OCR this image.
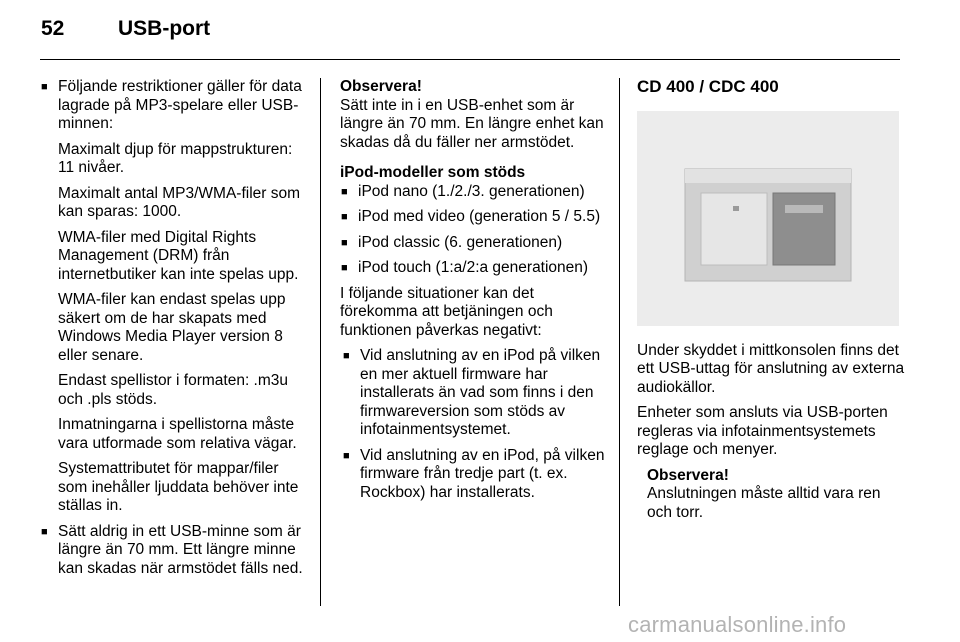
52	USB-port
■ Följande restriktioner gäller för data lagrade på MP3-spelare eller USB-minnen:
Maximalt djup för mappstrukturen: 11 nivåer.
Maximalt antal MP3/WMA-filer som kan sparas: 1000.
WMA-filer med Digital Rights Management (DRM) från internetbutiker kan inte spelas upp.
WMA-filer kan endast spelas upp säkert om de har skapats med Windows Media Player version 8 eller senare.
Endast spellistor i formaten: .m3u och .pls stöds.
Inmatningarna i spellistorna måste vara utformade som relativa vägar.
Systemattributet för mappar/filer som inehåller ljuddata behöver inte ställas in.
■ Sätt aldrig in ett USB-minne som är längre än 70 mm. Ett längre minne kan skadas när armstödet fälls ned.
Observera!
Sätt inte in i en USB-enhet som är längre än 70 mm. En längre enhet kan skadas då du fäller ner armstödet.
iPod-modeller som stöds
■ iPod nano (1./2./3. generationen)
■ iPod med video (generation 5 / 5.5)
■ iPod classic (6. generationen)
■ iPod touch (1:a/2:a generationen)

I följande situationer kan det förekomma att betjäningen och funktionen påverkas negativt:

■ Vid anslutning av en iPod på vilken en mer aktuell firmware har installerats än vad som finns i den firmwareversion som stöds av infotainmentsystemet.
■ Vid anslutning av en iPod, på vilken firmware från tredje part (t. ex. Rockbox) har installerats.
CD 400 / CDC 400

Under skyddet i mittkonsolen finns det ett USB-uttag för anslutning av externa audiokällor.

Enheter som ansluts via USB-porten regleras via infotainmentsystemets reglage och menyer.

Observera!
Anslutningen måste alltid vara ren och torr.
carmanualsonline.info
